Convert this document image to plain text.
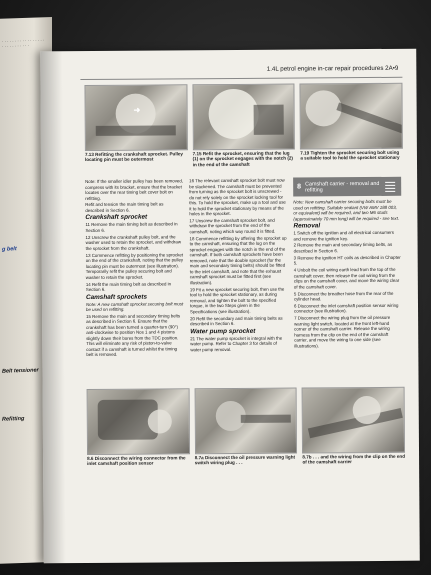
· · · · · · · · · · · · · · · · · · · · · · · · · · · ·
g belt
Belt tensioner
Refitting
1.4L petrol engine in-car repair procedures 2A•9
➜
7.13 Refitting the crankshaft sprocket. Pulley locating pin must be outermost
7.15 Refit the sprocket, ensuring that the lug (1) on the sprocket engages with the notch (2) in the end of the camshaft
7.19 Tighten the sprocket securing bolt using a suitable tool to hold the sprocket stationary

Note: If the smaller idler pulley has been removed, compress with its bracket, ensure that the bracket locates over the rear timing belt cover bolt on refitting.

Refit and tension the main timing belt as described in Section 6.

Crankshaft sprocket

11 Remove the main timing belt as described in Section 6.

12 Unscrew the crankshaft pulley bolt, and the washer used to retain the sprocket, and withdraw the sprocket from the crankshaft.

13 Commence refitting by positioning the sprocket on the end of the crankshaft, noting that the pulley locating pin must be outermost (see illustration). Temporarily refit the pulley securing bolt and washer to retain the sprocket.

14 Refit the main timing belt as described in Section 6.

Camshaft sprockets

Note: A new camshaft sprocket securing bolt must be used on refitting.

15 Remove the main and secondary timing belts as described in Section 6. Ensure that the crankshaft has been turned a quarter-turn (90°) anti-clockwise to position Nos 1 and 4 pistons slightly down their bores from the TDC position. This will eliminate any risk of piston-to-valve contact if a camshaft is turned whilst the timing belt is removed.

16 The relevant camshaft sprocket bolt must now be slackened. The camshaft must be prevented from turning as the sprocket bolt is unscrewed - do not rely solely on the sprocket locking tool for this. To hold the sprocket, make up a tool and use it to hold the sprocket stationary by means of the holes in the sprocket.

17 Unscrew the camshaft sprocket bolt, and withdraw the sprocket from the end of the camshaft, noting which way round it is fitted.

18 Commence refitting by offering the sprocket up to the camshaft, ensuring that the lug on the sprocket engages with the notch in the end of the camshaft. If both camshaft sprockets have been removed, note that the double sprocket (for the main and secondary timing belts) should be fitted to the inlet camshaft, and note that the exhaust camshaft sprocket must be fitted first (see illustration).

19 Fit a new sprocket securing bolt, then use the tool to hold the sprocket stationary, as during removal, and tighten the bolt to the specified torque, in the two Steps given in the Specifications (see illustration).

20 Refit the secondary and main timing belts as described in Section 6.

Water pump sprocket

21 The water pump sprocket is integral with the water pump. Refer to Chapter 3 for details of water pump removal.

8 Camshaft carrier - removal and refitting

Note: New camshaft carrier securing bolts must be used on refitting. Suitable sealant (VW AMV 188 003, or equivalent) will be required, and two M6 studs (approximately 70 mm long) will be required - see text.

Removal

1 Switch off the ignition and all electrical consumers and remove the ignition key.

2 Remove the main and secondary timing belts, as described in Section 6.

3 Remove the ignition HT coils as described in Chapter 5.

4 Unbolt the coil wiring earth lead from the top of the camshaft cover, then release the coil wiring from the clips on the camshaft cover, and move the wiring clear of the camshaft cover.

5 Disconnect the breather hose from the rear of the cylinder head.

6 Disconnect the inlet camshaft position sensor wiring connector (see illustration).

7 Disconnect the wiring plug from the oil pressure warning light switch, located at the front left-hand corner of the camshaft carrier. Release the wiring harness from the clip on the end of the camshaft carrier, and move the wiring to one side (see illustrations).

8.6 Disconnect the wiring connector from the inlet camshaft position sensor
8.7a Disconnect the oil pressure warning light switch wiring plug . . .
8.7b . . . and the wiring from the clip on the end of the camshaft carrier
